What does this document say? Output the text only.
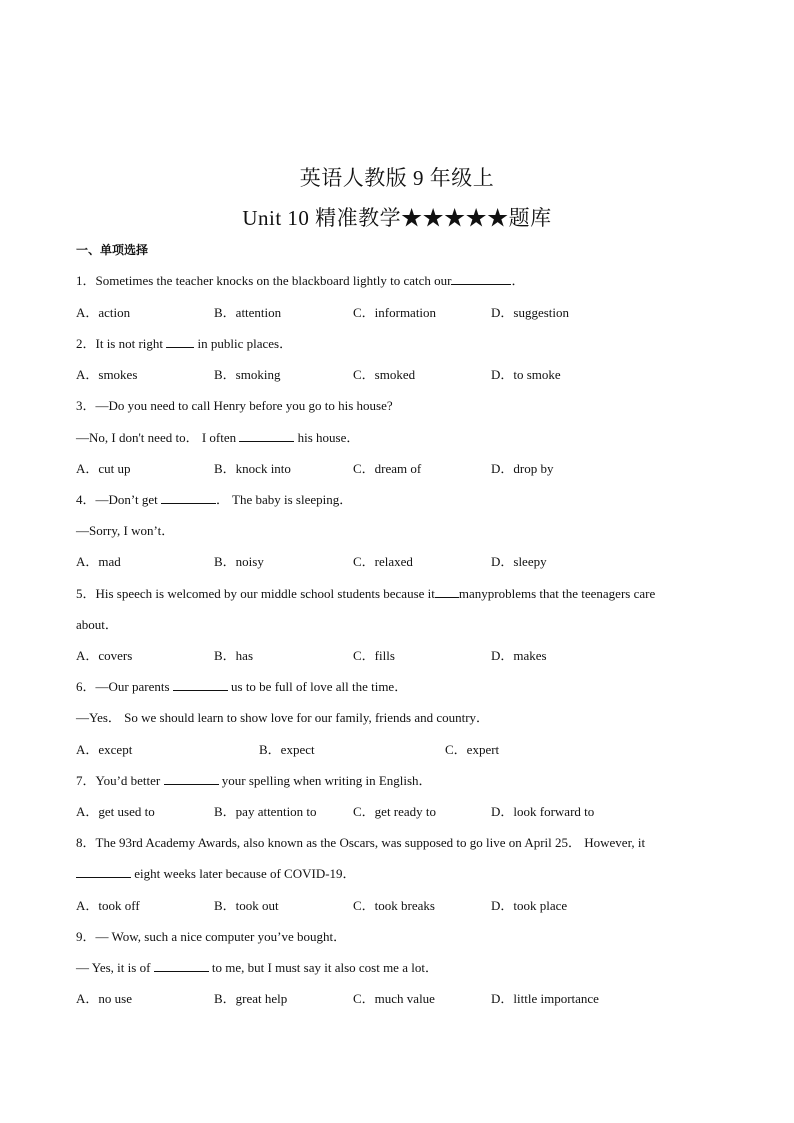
英语人教版 9 年级上
Unit 10 精准教学★★★★★题库
一、单项选择
1．Sometimes the teacher knocks on the blackboard lightly to catch our	．
A．action	B．attention	C．information	D．suggestion
2．It is not right  in public places．
A．smokes	B．smoking	C．smoked	D．to smoke
3．—Do you need to call Henry before you go to his house?
—No, I don't need to． I often	his house．
A．cut up	B．knock into	C．dream of	D．drop by
4．—Don’t get	． The baby is sleeping．
—Sorry, I won’t．
A．mad	B．noisy	C．relaxed	D．sleepy
5．His speech is welcomed by our middle school students because it manyproblems that the teenagers care
about．
A．covers	B．has	C．fills	D．makes
6．—Our parents	us to be full of love all the time．
—Yes． So we should learn to show love for our family, friends and country．
A．except	B．expect	C．expert
7．You’d better	your spelling when writing in English．
A．get used to	B．pay attention to	C．get ready to	D．look forward to
8．The 93rd Academy Awards, also known as the Oscars, was supposed to go live on April 25． However, it
eight weeks later because of COVID-19．
A．took off	B．took out	C．took breaks	D．took place
9．— Wow, such a nice computer you’ve bought．
— Yes, it is of	to me, but I must say it also cost me a lot．
A．no use	B．great help	C．much value	D．little importance
